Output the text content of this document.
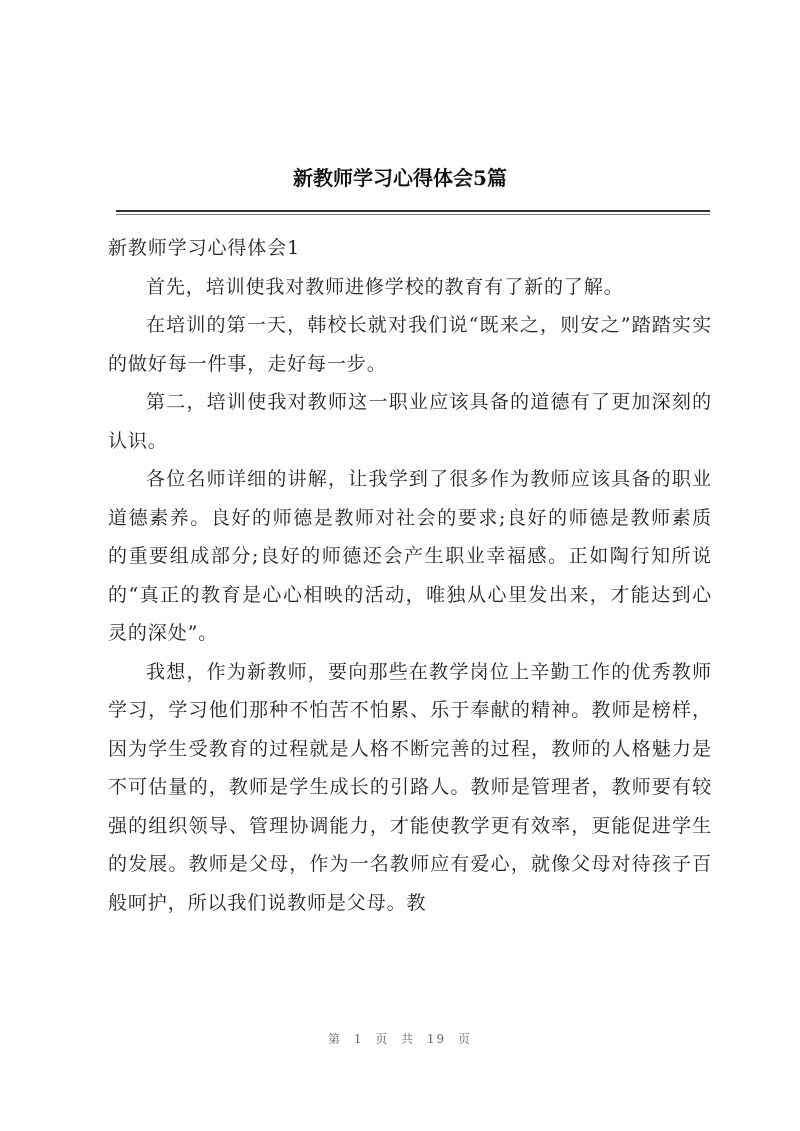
新教师学习心得体会5篇

新教师学习心得体会1

首先，培训使我对教师进修学校的教育有了新的了解。

在培训的第一天，韩校长就对我们说“既来之，则安之”踏踏实实的做好每一件事，走好每一步。

第二，培训使我对教师这一职业应该具备的道德有了更加深刻的认识。

各位名师详细的讲解，让我学到了很多作为教师应该具备的职业道德素养。良好的师德是教师对社会的要求;良好的师德是教师素质的重要组成部分;良好的师德还会产生职业幸福感。正如陶行知所说的“真正的教育是心心相映的活动，唯独从心里发出来，才能达到心灵的深处”。

我想，作为新教师，要向那些在教学岗位上辛勤工作的优秀教师学习，学习他们那种不怕苦不怕累、乐于奉献的精神。教师是榜样，因为学生受教育的过程就是人格不断完善的过程，教师的人格魅力是不可估量的，教师是学生成长的引路人。教师是管理者，教师要有较强的组织领导、管理协调能力，才能使教学更有效率，更能促进学生的发展。教师是父母，作为一名教师应有爱心，就像父母对待孩子百般呵护，所以我们说教师是父母。教

第 1 页 共 19 页
